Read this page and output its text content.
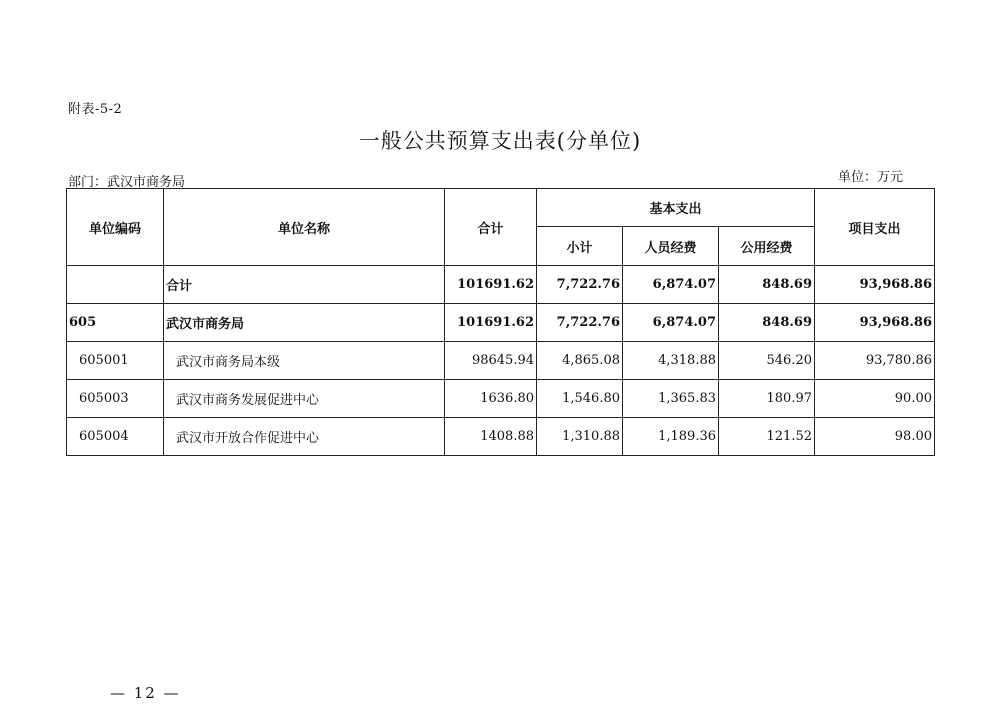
附表-5-2
一般公共预算支出表(分单位)
部门：武汉市商务局	单位：万元
单位编码	单位名称	合计	基本支出			项目支出
			小计	人员经费	公用经费	
	合计	101691.62	7,722.76	6,874.07	848.69	93,968.86
605	武汉市商务局	101691.62	7,722.76	6,874.07	848.69	93,968.86
605001	武汉市商务局本级	98645.94	4,865.08	4,318.88	546.20	93,780.86
605003	武汉市商务发展促进中心	1636.80	1,546.80	1,365.83	180.97	90.00
605004	武汉市开放合作促进中心	1408.88	1,310.88	1,189.36	121.52	98.00
— 12 —
